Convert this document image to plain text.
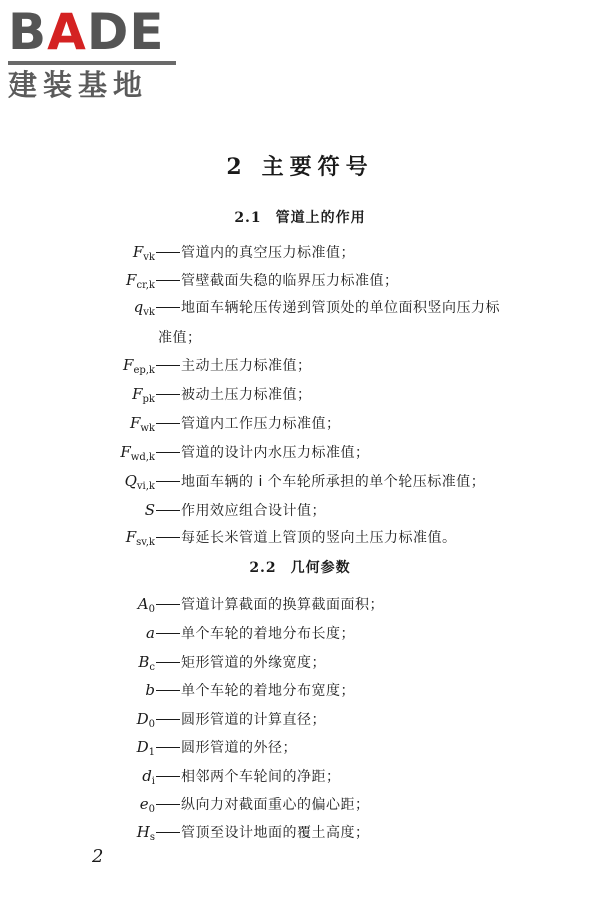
BADE
建装基地
2 主要符号
2.1 管道上的作用
2.2 几何参数
$F_{vk}$ 管道内的真空压力标准值；
$F_{cr,k}$ 管壁截面失稳的临界压力标准值；
$q_{vk}$ 地面车辆轮压传递到管顶处的单位面积竖向压力标
准值；
$F_{ep,k}$ 主动土压力标准值；
$F_{pk}$ 被动土压力标准值；
$F_{wk}$ 管道内工作压力标准值；
$F_{wd,k}$ 管道的设计内水压力标准值；
$Q_{vi,k}$ 地面车辆的 i 个车轮所承担的单个轮压标准值；
S 作用效应组合设计值；
$F_{sv,k}$ 每延长米管道上管顶的竖向土压力标准值。
$A_0$ 管道计算截面的换算截面面积；
a 单个车轮的着地分布长度；
$B_c$ 矩形管道的外缘宽度；
b 单个车轮的着地分布宽度；
$D_0$ 圆形管道的计算直径；
$D_1$ 圆形管道的外径；
$d_i$ 相邻两个车轮间的净距；
$e_0$ 纵向力对截面重心的偏心距；
$H_s$ 管顶至设计地面的覆土高度；
2
